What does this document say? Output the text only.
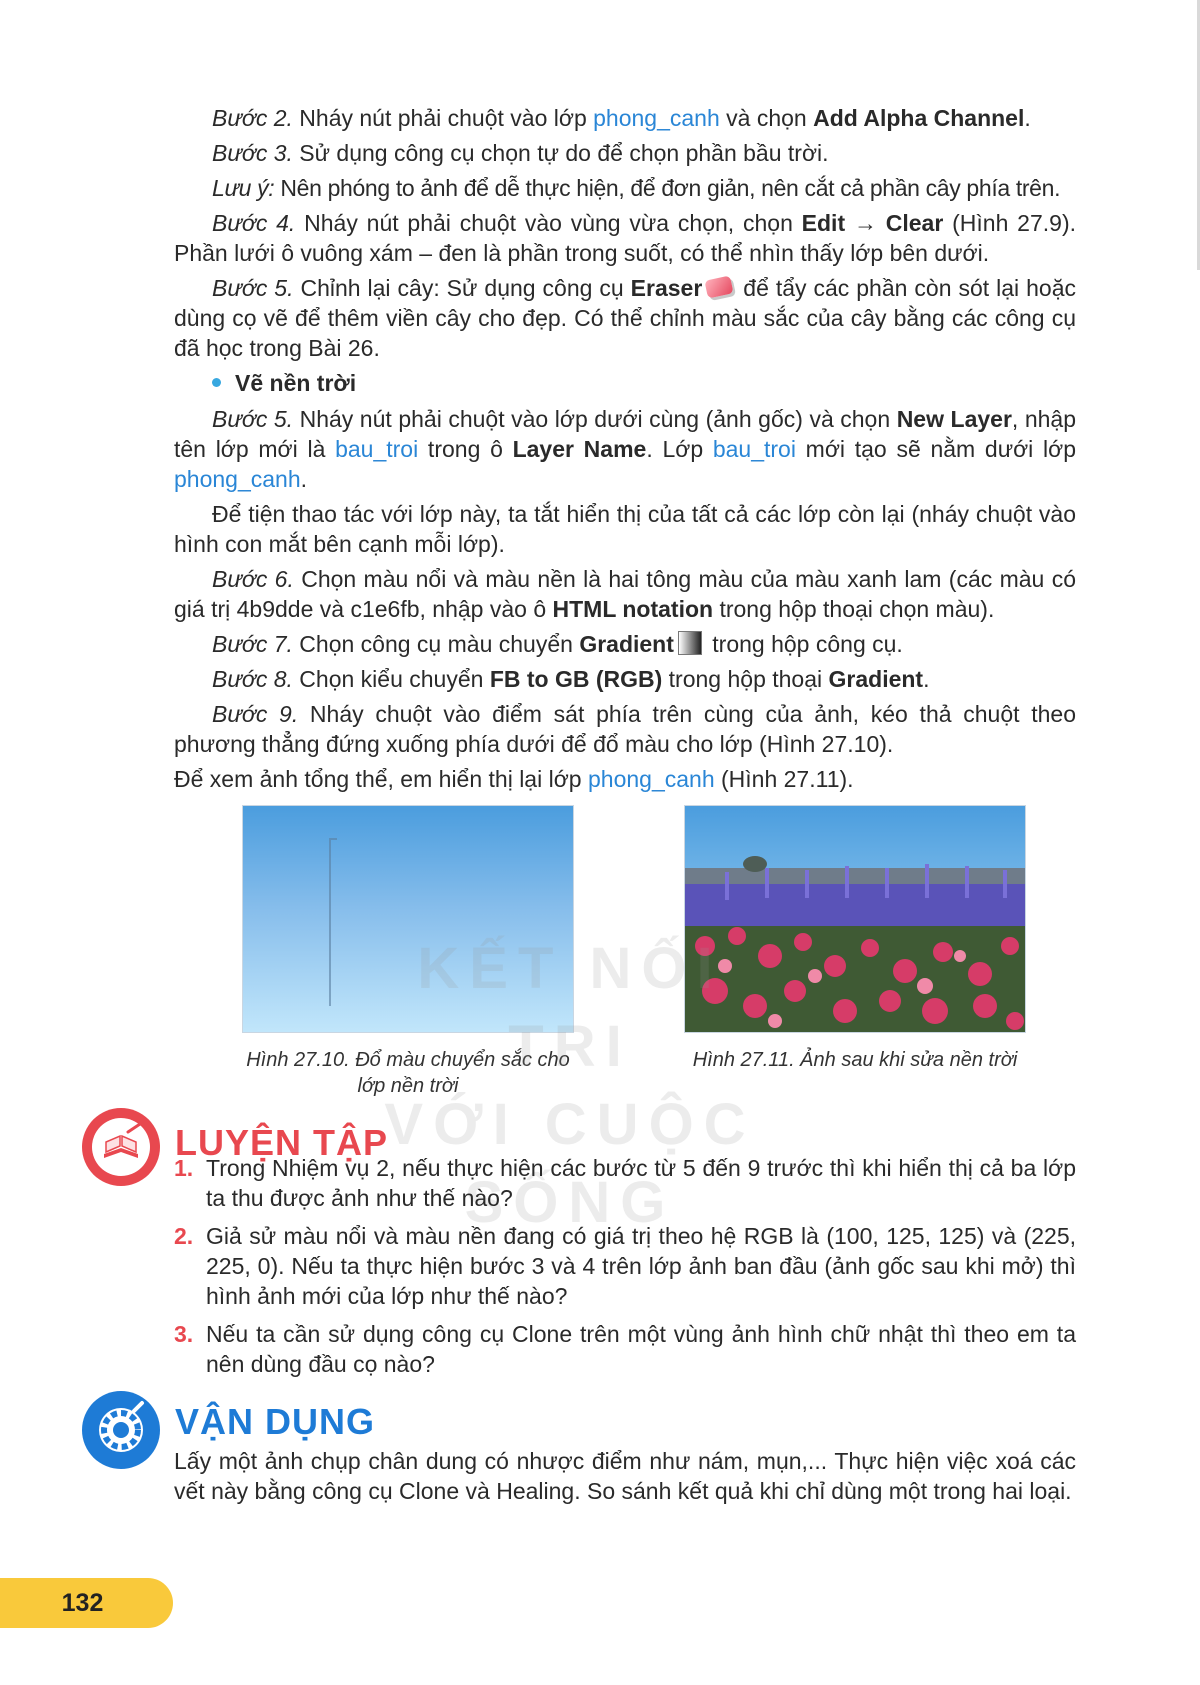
Bước 2. Nháy nút phải chuột vào lớp phong_canh và chọn Add Alpha Channel.

Bước 3. Sử dụng công cụ chọn tự do để chọn phần bầu trời.

Lưu ý: Nên phóng to ảnh để dễ thực hiện, để đơn giản, nên cắt cả phần cây phía trên.

Bước 4. Nháy nút phải chuột vào vùng vừa chọn, chọn Edit → Clear (Hình 27.9). Phần lưới ô vuông xám – đen là phần trong suốt, có thể nhìn thấy lớp bên dưới.

Bước 5. Chỉnh lại cây: Sử dụng công cụ Eraser để tẩy các phần còn sót lại hoặc dùng cọ vẽ để thêm viền cây cho đẹp. Có thể chỉnh màu sắc của cây bằng các công cụ đã học trong Bài 26.

Vẽ nền trời

Bước 5. Nháy nút phải chuột vào lớp dưới cùng (ảnh gốc) và chọn New Layer, nhập tên lớp mới là bau_troi trong ô Layer Name. Lớp bau_troi mới tạo sẽ nằm dưới lớp phong_canh.

Để tiện thao tác với lớp này, ta tắt hiển thị của tất cả các lớp còn lại (nháy chuột vào hình con mắt bên cạnh mỗi lớp).

Bước 6. Chọn màu nổi và màu nền là hai tông màu của màu xanh lam (các màu có giá trị 4b9dde và c1e6fb, nhập vào ô HTML notation trong hộp thoại chọn màu).

Bước 7. Chọn công cụ màu chuyển Gradient trong hộp công cụ.

Bước 8. Chọn kiểu chuyển FB to GB (RGB) trong hộp thoại Gradient.

Bước 9. Nháy chuột vào điểm sát phía trên cùng của ảnh, kéo thả chuột theo phương thẳng đứng xuống phía dưới để đổ màu cho lớp (Hình 27.10).

Để xem ảnh tổng thể, em hiển thị lại lớp phong_canh (Hình 27.11).

Hình 27.10. Đổ màu chuyển sắc cho
lớp nền trời
Hình 27.11. Ảnh sau khi sửa nền trời
NỐI TRI
VỚI CUỘC SỐNG
LUYỆN TẬP
1. Trong Nhiệm vụ 2, nếu thực hiện các bước từ 5 đến 9 trước thì khi hiển thị cả ba lớp ta thu được ảnh như thế nào?
2. Giả sử màu nổi và màu nền đang có giá trị theo hệ RGB là (100, 125, 125) và (225, 225, 0). Nếu ta thực hiện bước 3 và 4 trên lớp ảnh ban đầu (ảnh gốc sau khi mở) thì hình ảnh mới của lớp như thế nào?
3. Nếu ta cần sử dụng công cụ Clone trên một vùng ảnh hình chữ nhật thì theo em ta nên dùng đầu cọ nào?
VẬN DỤNG

Lấy một ảnh chụp chân dung có nhược điểm như nám, mụn,... Thực hiện việc xoá các vết này bằng công cụ Clone và Healing. So sánh kết quả khi chỉ dùng một trong hai loại.

132
